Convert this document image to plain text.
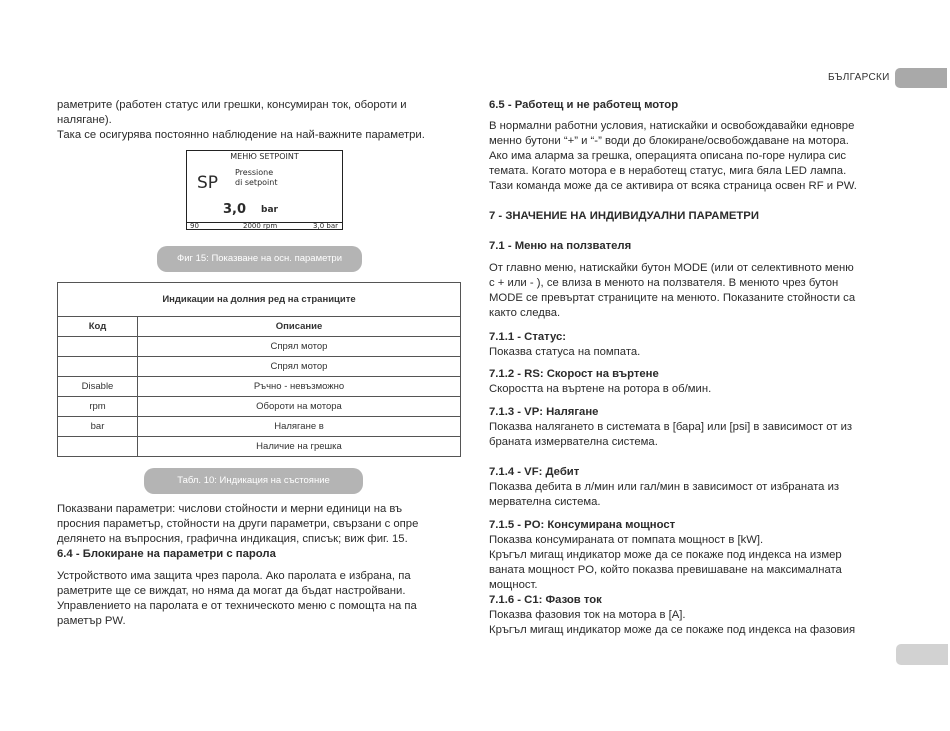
БЪЛГАРСКИ

раметрите (работен статус или грешки, консумиран ток, обороти и

налягане).

Така се осигурява постоянно наблюдение на най-важните параметри.

МЕНЮ SETPOINT
SP
Pressione
di setpoint
3,0 bar
90	2000 rpm	3,0 bar
Фиг 15: Показване на осн. параметри
Индикации на долния ред на страниците	
Код	Описание
	Спрял мотор
	Спрял мотор
Disable	Ръчно - невъзможно
rpm	Обороти на мотора
bar	Налягане в
	Наличие на грешка
Табл. 10: Индикация на състояние

Показвани параметри: числови стойности и мерни единици на въ

просния параметър, стойности на други параметри, свързани с опре

делянето на въпросния, графична индикация, списък; виж фиг. 15.

6.4 - Блокиране на параметри с парола

Устройството има защита чрез парола. Ако паролата е избрана, па

раметрите ще се виждат, но няма да могат да бъдат настройвани.

Управлението на паролата е от техническото меню с помощта на па

раметър PW.

6.5 - Работещ и не работещ мотор

В нормални работни условия, натискайки и освобождавайки едновре

менно бутони “+” и “-” води до блокиране/освобождаване на мотора.

Ако има аларма за грешка, операцията описана по-горе нулира сис

темата. Когато моторa е в неработещ статус, мига бяла LED лампа.

Тази команда може да се активира от всяка страница освен RF и PW.

7 - ЗНАЧЕНИЕ НА ИНДИВИДУАЛНИ ПАРАМЕТРИ
7.1 - Меню на ползвателя

От главно меню, натискайки бутон MODE (или от селективното меню

с + или - ), се влиза в менюто на ползвателя. В менюто чрез бутон

MODE се превъртат страниците на менюто. Показаните стойности са

както следва.

7.1.1 - Статус:

Показва статуса на помпата.

7.1.2 - RS: Скорост на въртене

Скоростта на въртене на ротора в об/мин.

7.1.3 - VP: Налягане

Показва налягането в системата в [бара] или [psi] в зависимост от из

браната измервателна система.

7.1.4 - VF: Дебит

Показва дебита в л/мин или гал/мин в зависимост от избраната из

мервателна система.

7.1.5 - PO: Консумирана мощност

Показва консумираната от помпата мощност в [kW].

Кръгъл мигащ индикатор може да се покаже под индекса на измер

ваната мощност PO, който показва превишаване на максималната

мощност.

7.1.6 - C1: Фазов ток

Показва фазовия ток на мотора в [A].

Кръгъл мигащ индикатор може да се покаже под индекса на фазовия
